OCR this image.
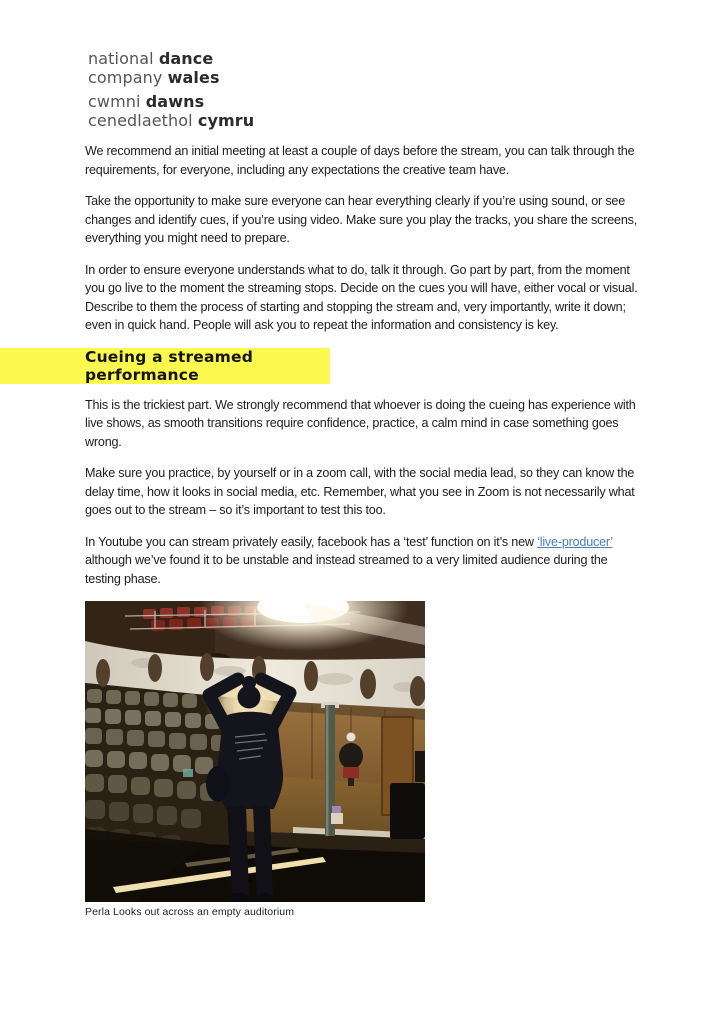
national dance
company wales
cwmni dawns
cenedlaethol cymru

We recommend an initial meeting at least a couple of days before the stream, you can talk through the requirements, for everyone, including any expectations the creative team have.

Take the opportunity to make sure everyone can hear everything clearly if you’re using sound, or see changes and identify cues, if you’re using video. Make sure you play the tracks, you share the screens, everything you might need to prepare.

In order to ensure everyone understands what to do, talk it through. Go part by part, from the moment you go live to the moment the streaming stops. Decide on the cues you will have, either vocal or visual. Describe to them the process of starting and stopping the stream and, very importantly, write it down; even in quick hand. People will ask you to repeat the information and consistency is key.

Cueing a streamed performance

This is the trickiest part. We strongly recommend that whoever is doing the cueing has experience with live shows, as smooth transitions require confidence, practice, a calm mind in case something goes wrong.

Make sure you practice, by yourself or in a zoom call, with the social media lead, so they can know the delay time, how it looks in social media, etc. Remember, what you see in Zoom is not necessarily what goes out to the stream – so it’s important to test this too.

In Youtube you can stream privately easily, facebook has a ‘test’ function on it’s new ‘live-producer’ although we’ve found it to be unstable and instead streamed to a very limited audience during the testing phase.

Perla Looks out across an empty auditorium
